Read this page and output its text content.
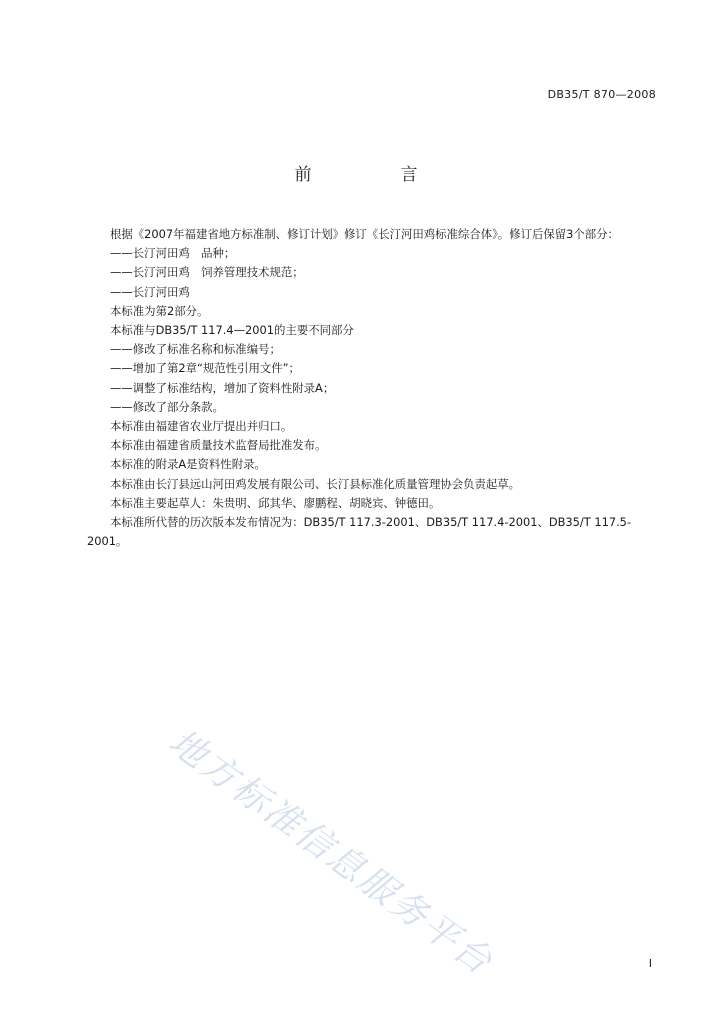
DB35/T 870—2008
前　言

根据《2007年福建省地方标准制、修订计划》修订《长汀河田鸡标准综合体》。修订后保留3个部分：

——长汀河田鸡　品种；

——长汀河田鸡　饲养管理技术规范；

——长汀河田鸡

本标准为第2部分。

本标准与DB35/T 117.4—2001的主要不同部分

——修改了标准名称和标准编号；

——增加了第2章“规范性引用文件”；

——调整了标准结构，增加了资料性附录A；

——修改了部分条款。

本标准由福建省农业厅提出并归口。

本标准由福建省质量技术监督局批准发布。

本标准的附录A是资料性附录。

本标准由长汀县远山河田鸡发展有限公司、长汀县标准化质量管理协会负责起草。

本标准主要起草人：朱贵明、邱其华、廖鹏程、胡晓宾、钟德田。

本标准所代替的历次版本发布情况为：DB35/T 117.3-2001、DB35/T 117.4-2001、DB35/T 117.5-2001。

地方标准信息服务平台	I
